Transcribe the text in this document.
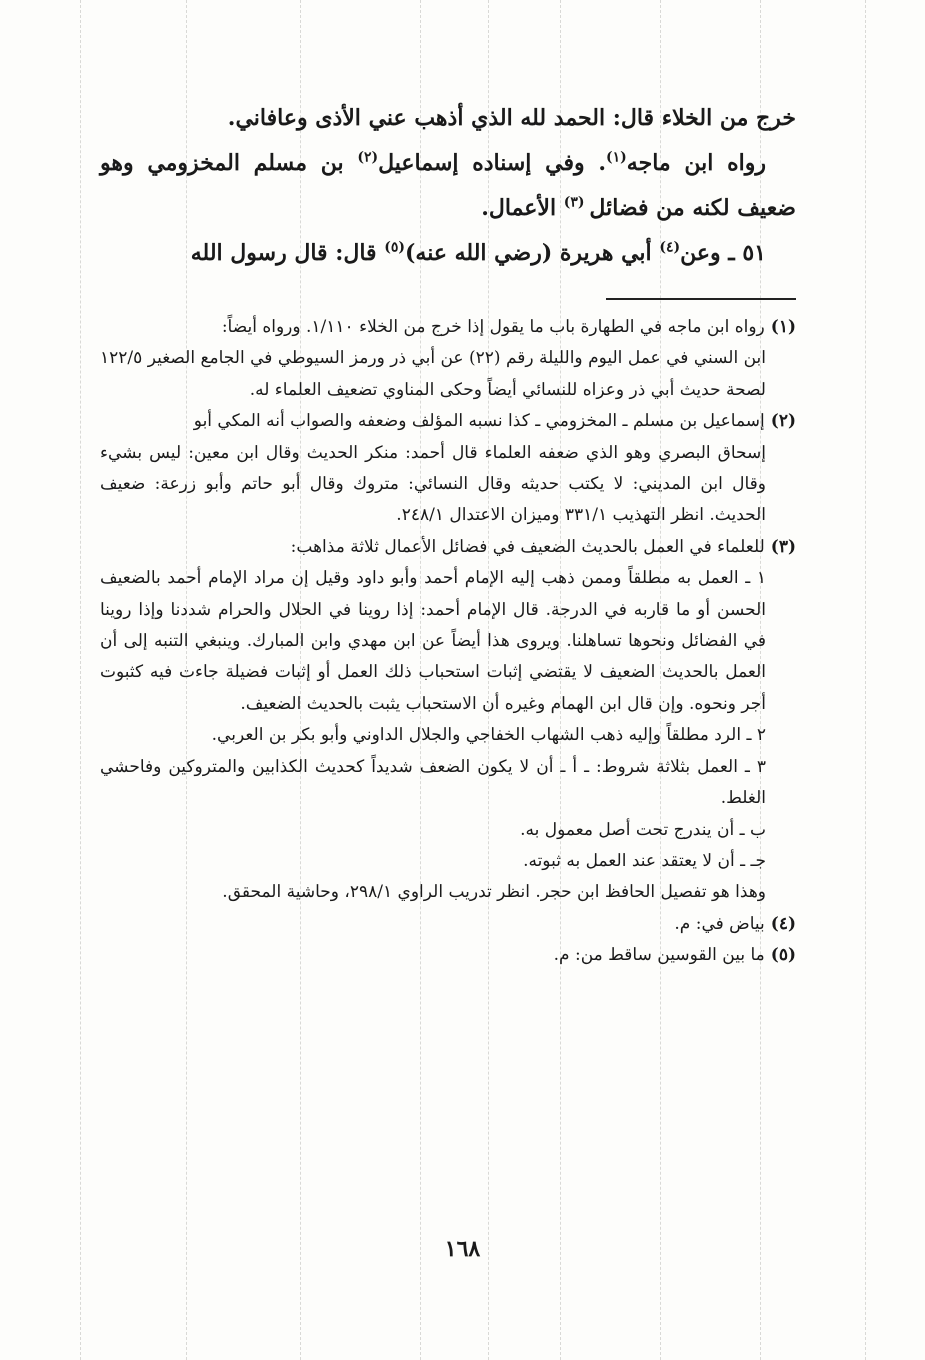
خرج من الخلاء قال: الحمد لله الذي أذهب عني الأذى وعافاني.

رواه ابن ماجه$^{(١)}$. وفي إسناده إسماعيل$^{(٢)}$ بن مسلم المخزومي وهو ضعيف لكنه من فضائل $^{(٣)}$ الأعمال.

٥١ ـ وعن$^{(٤)}$ أبي هريرة (رضي الله عنه)$^{(٥)}$ قال: قال رسول الله

(١)رواه ابن ماجه في الطهارة باب ما يقول إذا خرج من الخلاء ١/١١٠. ورواه أيضاً:

ابن السني في عمل اليوم والليلة رقم (٢٢) عن أبي ذر ورمز السيوطي في الجامع الصغير ١٢٢/٥ لصحة حديث أبي ذر وعزاه للنسائي أيضاً وحكى المناوي تضعيف العلماء له.

(٢)إسماعيل بن مسلم ـ المخزومي ـ كذا نسبه المؤلف وضعفه والصواب أنه المكي أبو

إسحاق البصري وهو الذي ضعفه العلماء قال أحمد: منكر الحديث وقال ابن معين: ليس بشيء وقال ابن المديني: لا يكتب حديثه وقال النسائي: متروك وقال أبو حاتم وأبو زرعة: ضعيف الحديث. انظر التهذيب ٣٣١/١ وميزان الاعتدال ٢٤٨/١.

(٣)للعلماء في العمل بالحديث الضعيف في فضائل الأعمال ثلاثة مذاهب:

١ ـ العمل به مطلقاً وممن ذهب إليه الإمام أحمد وأبو داود وقيل إن مراد الإمام أحمد بالضعيف الحسن أو ما قاربه في الدرجة. قال الإمام أحمد: إذا روينا في الحلال والحرام شددنا وإذا روينا في الفضائل ونحوها تساهلنا. ويروى هذا أيضاً عن ابن مهدي وابن المبارك. وينبغي التنبه إلى أن العمل بالحديث الضعيف لا يقتضي إثبات استحباب ذلك العمل أو إثبات فضيلة جاءت فيه كثبوت أجر ونحوه. وإن قال ابن الهمام وغيره أن الاستحباب يثبت بالحديث الضعيف.

٢ ـ الرد مطلقاً وإليه ذهب الشهاب الخفاجي والجلال الداوني وأبو بكر بن العربي.

٣ ـ العمل بثلاثة شروط: ـ أ ـ أن لا يكون الضعف شديداً كحديث الكذابين والمتروكين وفاحشي الغلط.

ب ـ أن يندرج تحت أصل معمول به.

جـ ـ أن لا يعتقد عند العمل به ثبوته.

وهذا هو تفصيل الحافظ ابن حجر. انظر تدريب الراوي ٢٩٨/١، وحاشية المحقق.

(٤)بياض في: م.

(٥)ما بين القوسين ساقط من: م.

١٦٨
